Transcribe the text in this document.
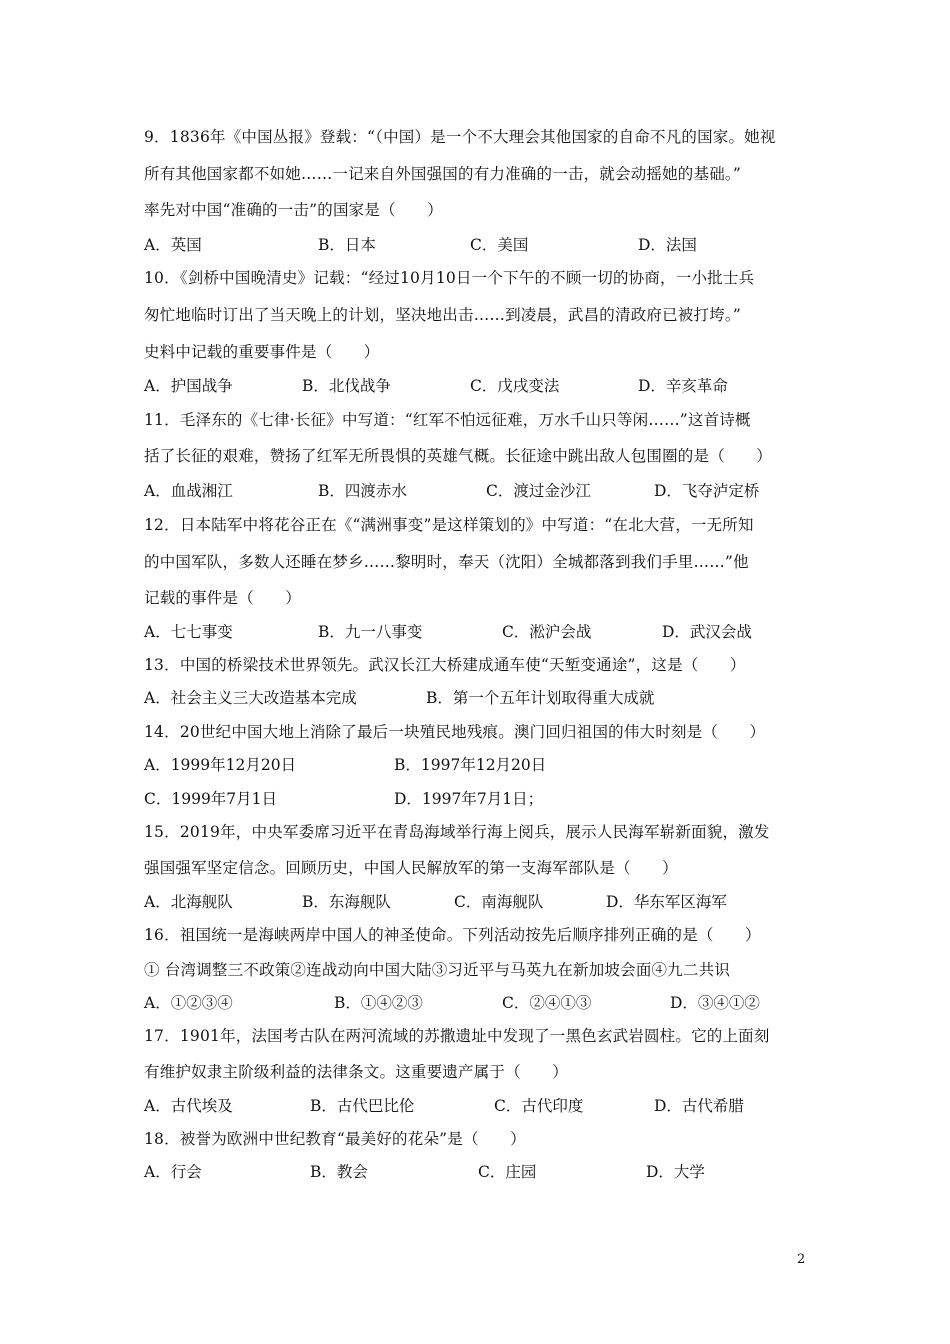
9．1836年《中国丛报》登载：“（中国）是一个不大理会其他国家的自命不凡的国家。她视
所有其他国家都不如她……一记来自外国强国的有力准确的一击，就会动摇她的基础。”
率先对中国“准确的一击”的国家是（　　）
A．英国	B．日本	C．美国	D．法国
10．《剑桥中国晚清史》记载：“经过10月10日一个下午的不顾一切的协商，一小批士兵
匆忙地临时订出了当天晚上的计划，坚决地出击……到凌晨，武昌的清政府已被打垮。”
史料中记载的重要事件是（　　）
A．护国战争	B．北伐战争	C．戊戌变法	D．辛亥革命
11．毛泽东的《七律·长征》中写道：“红军不怕远征难，万水千山只等闲……”这首诗概
括了长征的艰难，赞扬了红军无所畏惧的英雄气概。长征途中跳出敌人包围圈的是（　　）
A．血战湘江	B．四渡赤水	C．渡过金沙江	D．飞夺泸定桥
12．日本陆军中将花谷正在《“满洲事变”是这样策划的》中写道：“在北大营，一无所知
的中国军队，多数人还睡在梦乡……黎明时，奉天（沈阳）全城都落到我们手里……”他
记载的事件是（　　）
A．七七事变	B．九一八事变	C．淞沪会战	D．武汉会战
13．中国的桥梁技术世界领先。武汉长江大桥建成通车使“天堑变通途”，这是（　　）
A．社会主义三大改造基本完成	B．第一个五年计划取得重大成就
14．20世纪中国大地上消除了最后一块殖民地残痕。澳门回归祖国的伟大时刻是（　　）
A．1999年12月20日	B．1997年12月20日
C．1999年7月1日	D．1997年7月1日；
15．2019年，中央军委席习近平在青岛海域举行海上阅兵，展示人民海军崭新面貌，激发
强国强军坚定信念。回顾历史，中国人民解放军的第一支海军部队是（　　）
A．北海舰队	B．东海舰队	C．南海舰队	D．华东军区海军
16．祖国统一是海峡两岸中国人的神圣使命。下列活动按先后顺序排列正确的是（　　）
① 台湾调整三不政策②连战动向中国大陆③习近平与马英九在新加坡会面④九二共识
A．①②③④	B．①④②③	C．②④①③	D．③④①②
17．1901年，法国考古队在两河流域的苏撒遗址中发现了一黑色玄武岩圆柱。它的上面刻
有维护奴隶主阶级利益的法律条文。这重要遗产属于（　　）
A．古代埃及	B．古代巴比伦	C．古代印度	D．古代希腊
18．被誉为欧洲中世纪教育“最美好的花朵”是（　　）
A．行会	B．教会	C．庄园	D．大学
2
